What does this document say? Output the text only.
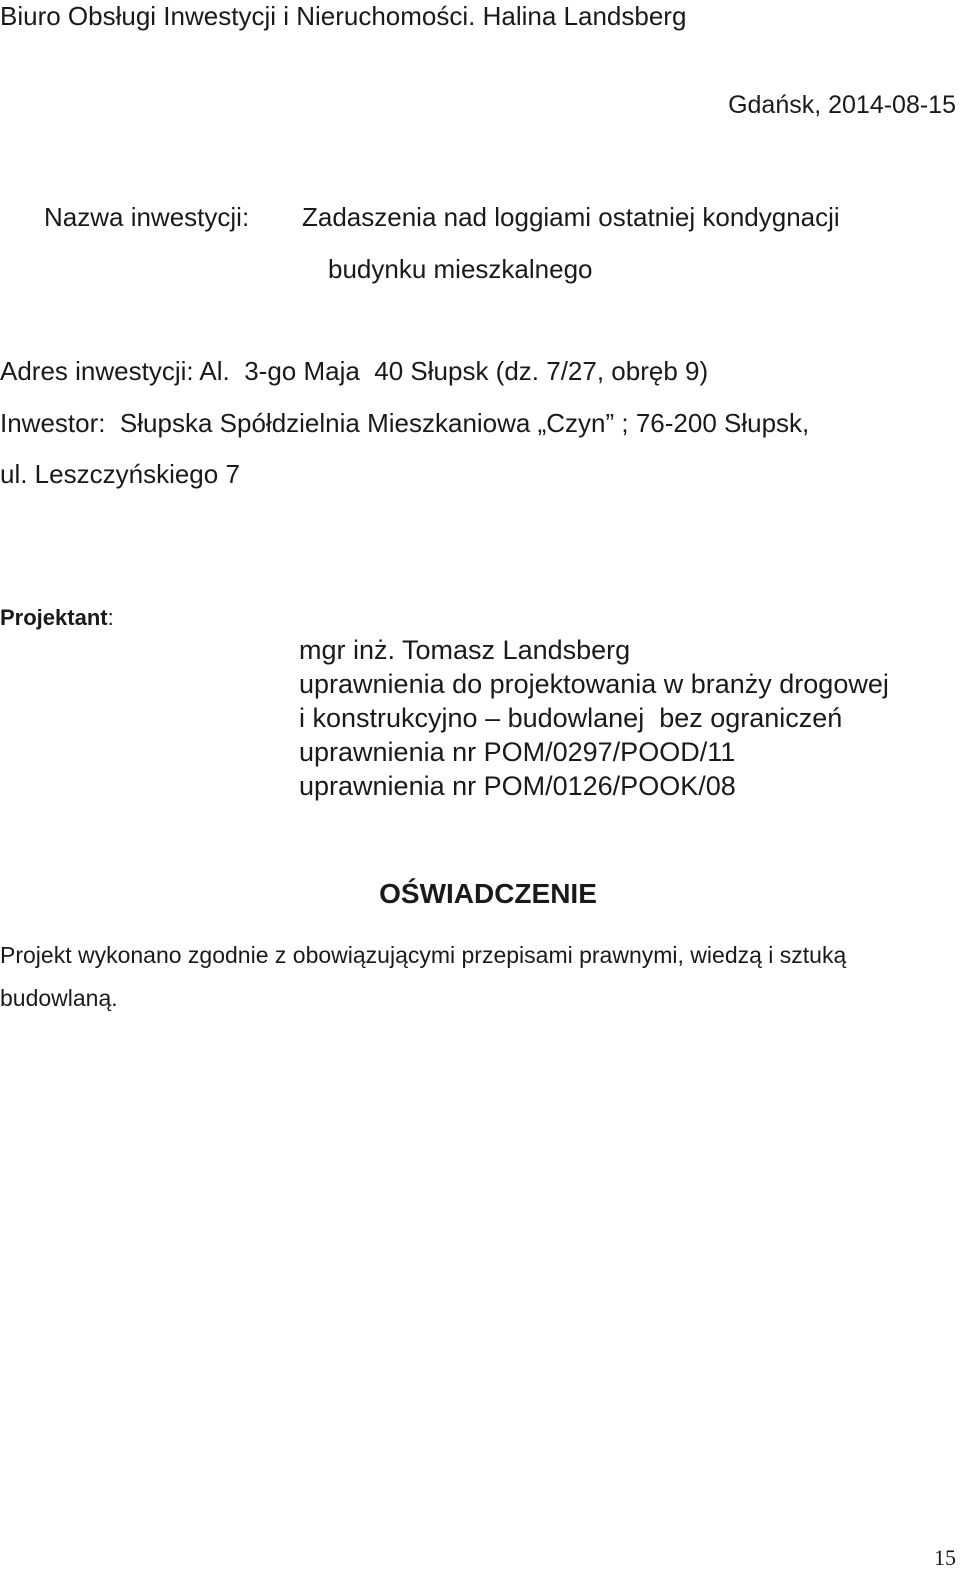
Biuro Obsługi Inwestycji i Nieruchomości. Halina Landsberg
Gdańsk, 2014-08-15
Nazwa inwestycji: Zadaszenia nad loggiami ostatniej kondygnacji
budynku mieszkalnego
Adres inwestycji: Al.  3-go Maja  40 Słupsk (dz. 7/27, obręb 9)
Inwestor:  Słupska Spółdzielnia Mieszkaniowa „Czyn” ; 76-200 Słupsk,
ul. Leszczyńskiego 7
Projektant:
mgr inż. Tomasz Landsberg
uprawnienia do projektowania w branży drogowej
i konstrukcyjno – budowlanej  bez ograniczeń
uprawnienia nr POM/0297/POOD/11
uprawnienia nr POM/0126/POOK/08
OŚWIADCZENIE
Projekt wykonano zgodnie z obowiązującymi przepisami prawnymi, wiedzą i sztuką
budowlaną.
15
